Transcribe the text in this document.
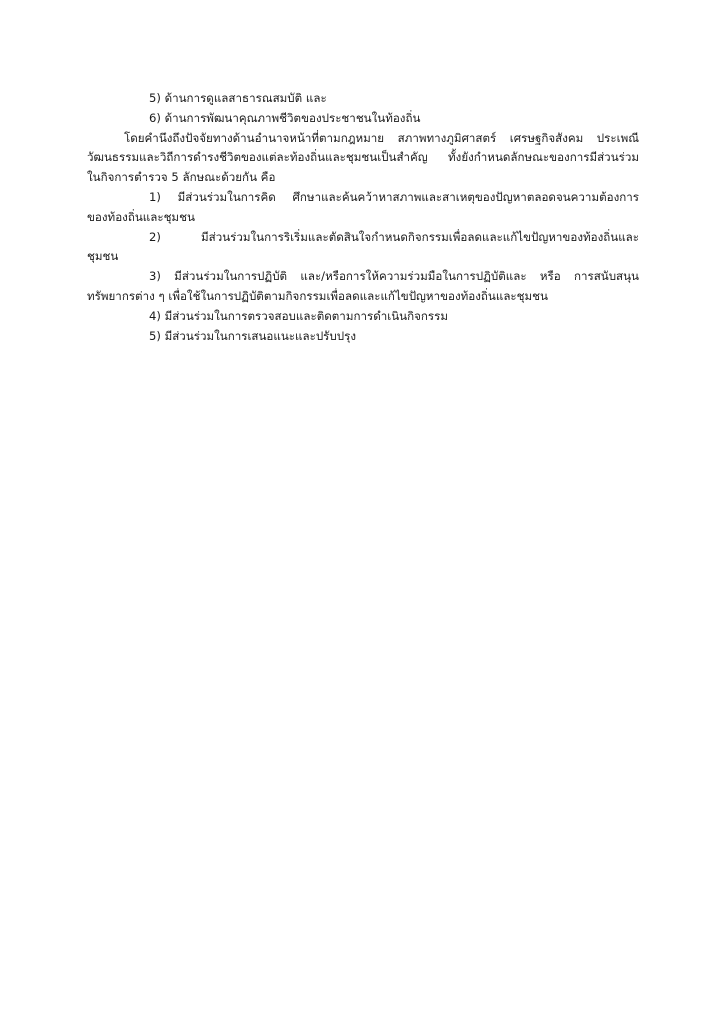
5) ด้านการดูแลสาธารณสมบัติ และ
6) ด้านการพัฒนาคุณภาพชีวิตของประชาชนในท้องถิ่น
โดยคำนึงถึงปัจจัยทางด้านอำนาจหน้าที่ตามกฎหมาย สภาพทางภูมิศาสตร์ เศรษฐกิจสังคม ประเพณี
วัฒนธรรมและวิถีการดำรงชีวิตของแต่ละท้องถิ่นและชุมชนเป็นสำคัญ ทั้งยังกำหนดลักษณะของการมีส่วนร่วม
ในกิจการตำรวจ 5 ลักษณะด้วยกัน คือ
1) มีส่วนร่วมในการคิด ศึกษาและค้นคว้าหาสภาพและสาเหตุของปัญหาตลอดจนความต้องการ
ของท้องถิ่นและชุมชน
2) มีส่วนร่วมในการริเริ่มและตัดสินใจกำหนดกิจกรรมเพื่อลดและแก้ไขปัญหาของท้องถิ่นและ
ชุมชน
3) มีส่วนร่วมในการปฏิบัติ และ/หรือการให้ความร่วมมือในการปฏิบัติและ หรือ การสนับสนุน
ทรัพยากรต่าง ๆ เพื่อใช้ในการปฏิบัติตามกิจกรรมเพื่อลดและแก้ไขปัญหาของท้องถิ่นและชุมชน
4) มีส่วนร่วมในการตรวจสอบและติดตามการดำเนินกิจกรรม
5) มีส่วนร่วมในการเสนอแนะและปรับปรุง
